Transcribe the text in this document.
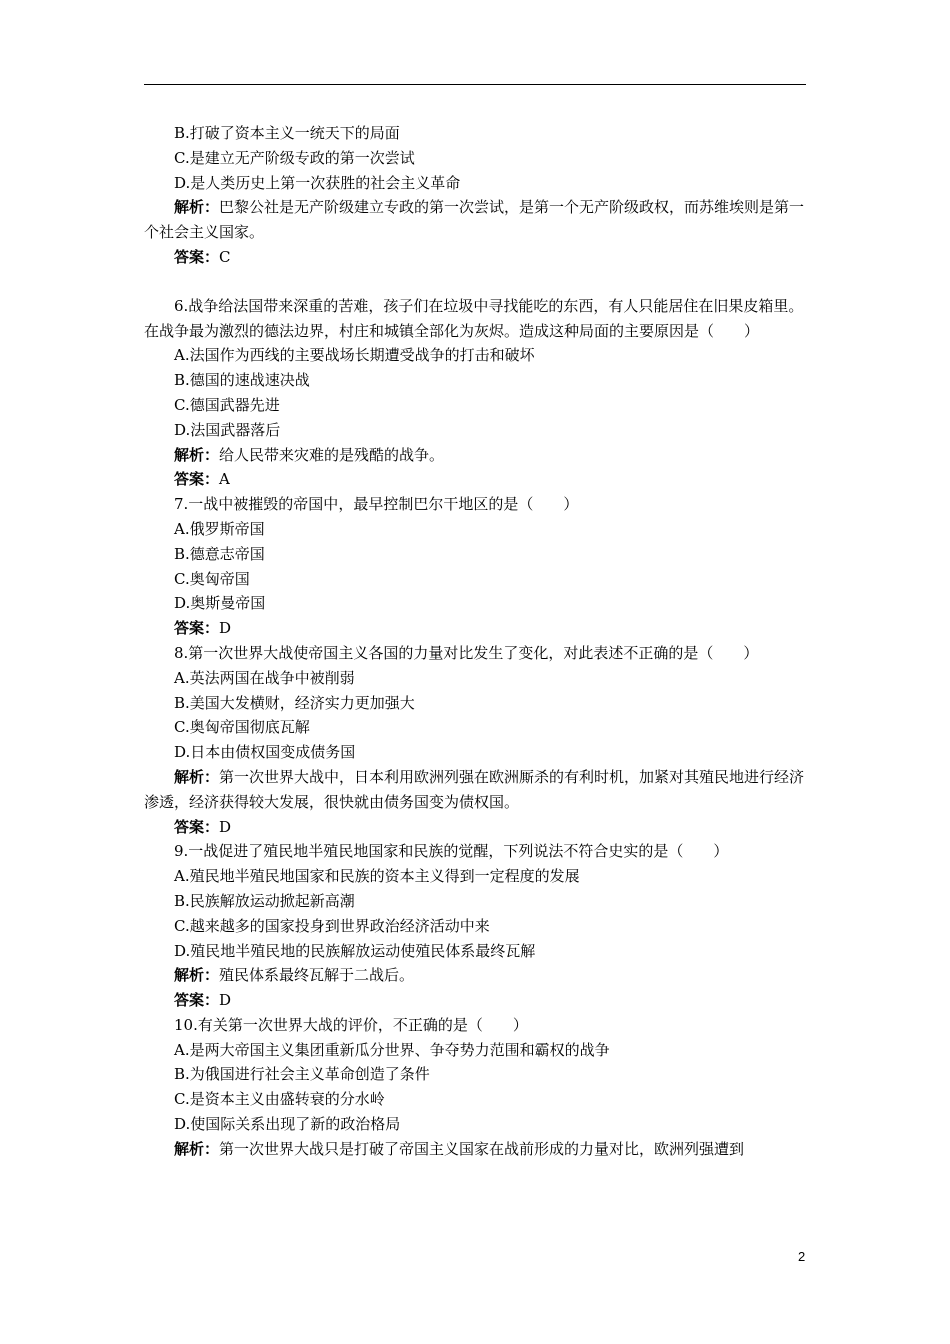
B.打破了资本主义一统天下的局面
C.是建立无产阶级专政的第一次尝试
D.是人类历史上第一次获胜的社会主义革命
解析：巴黎公社是无产阶级建立专政的第一次尝试，是第一个无产阶级政权，而苏维埃则是第一个社会主义国家。
答案：C
6.战争给法国带来深重的苦难，孩子们在垃圾中寻找能吃的东西，有人只能居住在旧果皮箱里。在战争最为激烈的德法边界，村庄和城镇全部化为灰烬。造成这种局面的主要原因是（　　）
A.法国作为西线的主要战场长期遭受战争的打击和破坏
B.德国的速战速决战
C.德国武器先进
D.法国武器落后
解析：给人民带来灾难的是残酷的战争。
答案：A
7.一战中被摧毁的帝国中，最早控制巴尔干地区的是（　　）
A.俄罗斯帝国
B.德意志帝国
C.奥匈帝国
D.奥斯曼帝国
答案：D
8.第一次世界大战使帝国主义各国的力量对比发生了变化，对此表述不正确的是（　　）
A.英法两国在战争中被削弱
B.美国大发横财，经济实力更加强大
C.奥匈帝国彻底瓦解
D.日本由债权国变成债务国
解析：第一次世界大战中，日本利用欧洲列强在欧洲厮杀的有利时机，加紧对其殖民地进行经济渗透，经济获得较大发展，很快就由债务国变为债权国。
答案：D
9.一战促进了殖民地半殖民地国家和民族的觉醒，下列说法不符合史实的是（　　）
A.殖民地半殖民地国家和民族的资本主义得到一定程度的发展
B.民族解放运动掀起新高潮
C.越来越多的国家投身到世界政治经济活动中来
D.殖民地半殖民地的民族解放运动使殖民体系最终瓦解
解析：殖民体系最终瓦解于二战后。
答案：D
10.有关第一次世界大战的评价，不正确的是（　　）
A.是两大帝国主义集团重新瓜分世界、争夺势力范围和霸权的战争
B.为俄国进行社会主义革命创造了条件
C.是资本主义由盛转衰的分水岭
D.使国际关系出现了新的政治格局
解析：第一次世界大战只是打破了帝国主义国家在战前形成的力量对比，欧洲列强遭到
2
